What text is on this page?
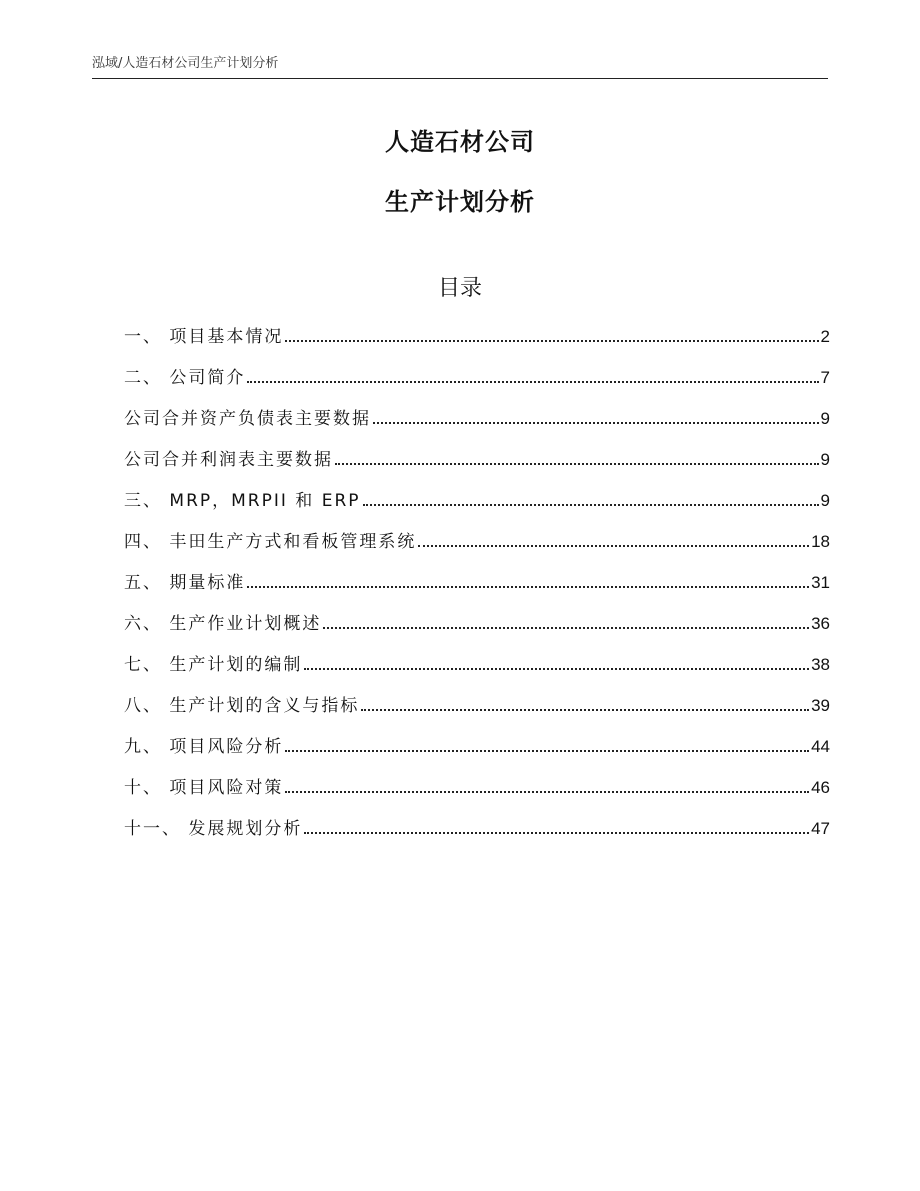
泓域/人造石材公司生产计划分析
人造石材公司
生产计划分析
目录
一、 项目基本情况	2
二、 公司简介	7
公司合并资产负债表主要数据	9
公司合并利润表主要数据	9
三、 MRP，MRPII 和 ERP	9
四、 丰田生产方式和看板管理系统	18
五、 期量标准	31
六、 生产作业计划概述	36
七、 生产计划的编制	38
八、 生产计划的含义与指标	39
九、 项目风险分析	44
十、 项目风险对策	46
十一、 发展规划分析	47
